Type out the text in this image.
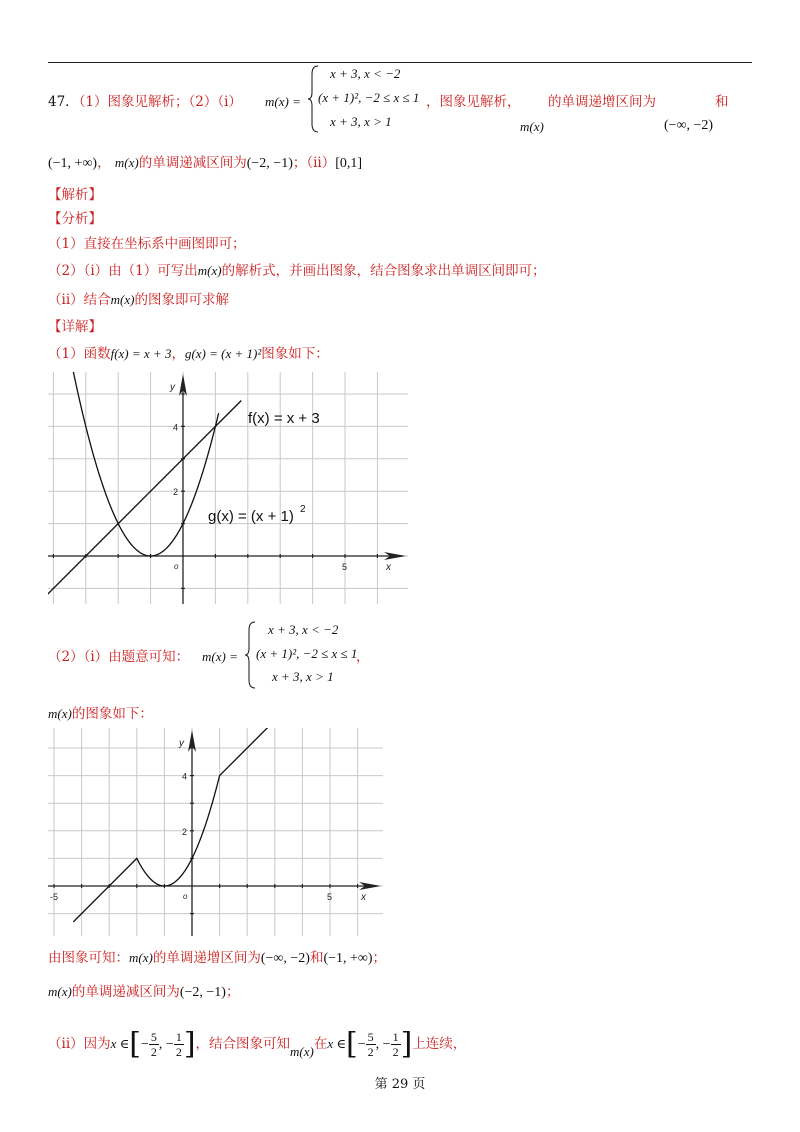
47．（1）图象见解析；（2）（i） m(x) =
x + 3, x < −2
(x + 1)², −2 ≤ x ≤ 1
x + 3, x > 1
，图象见解析， 的单调递增区间为	和
m(x)	(−∞, −2)
(−1, +∞)， m(x)的单调递减区间为(−2, −1)；（ii）[0,1]
【解析】
【分析】
（1）直接在坐标系中画图即可；
（2）（i）由（1）可写出m(x)的解析式，并画出图象，结合图象求出单调区间即可；
（ii）结合m(x)的图象即可求解
【详解】
（1）函数f(x) = x + 3，g(x) = (x + 1)²图象如下：
y
x
o
2
4
5
f(x) = x + 3
g(x) = (x + 1) 2
（2）（i）由题意可知： m(x) =
x + 3, x < −2
(x + 1)², −2 ≤ x ≤ 1
x + 3, x > 1
，
m(x)的图象如下：
y
x
o
2
4
-5	5
由图象可知：m(x)的单调递增区间为(−∞, −2)和(−1, +∞)；
m(x)的单调递减区间为(−2, −1)；
（ii）因为x ∈[− $\frac{5}{2}$ , − $\frac{1}{2}$ ]，结合图象可知m(x)在x ∈[− $\frac{5}{2}$ , − $\frac{1}{2}$ ]上连续，
第 29 页
